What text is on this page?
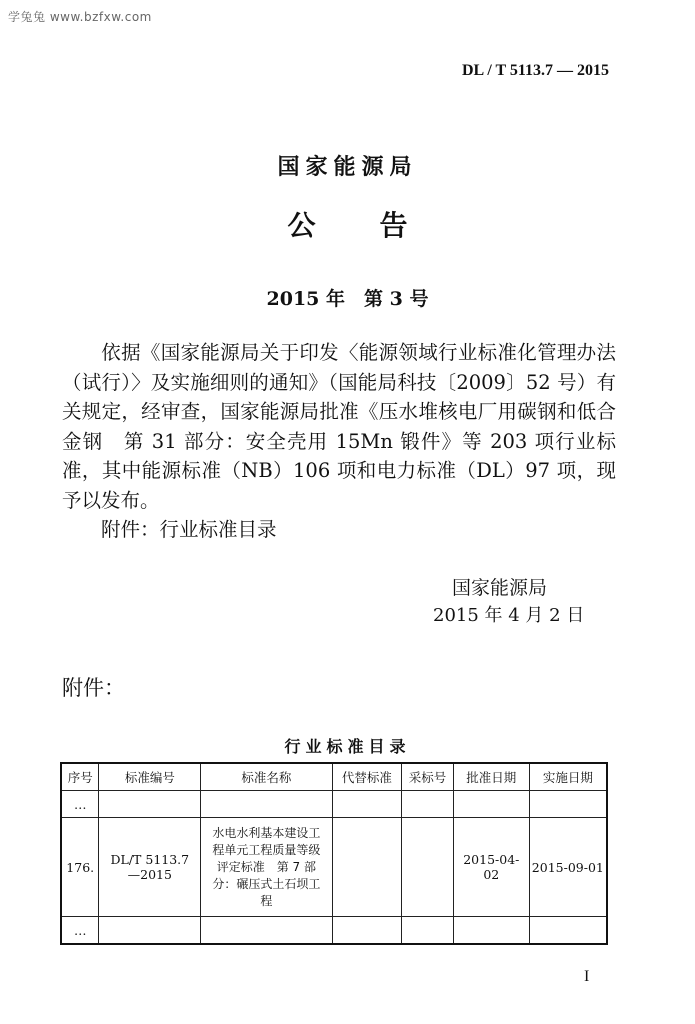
学兔兔 www.bzfxw.com
DL / T 5113.7 — 2015
国家能源局
公 告
2015 年　第 3 号
依据《国家能源局关于印发〈能源领域行业标准化管理办法（试行）〉及实施细则的通知》（国能局科技〔2009〕52 号）有关规定，经审查，国家能源局批准《压水堆核电厂用碳钢和低合金钢　第 31 部分：安全壳用 15Mn 锻件》等 203 项行业标准，其中能源标准（NB）106 项和电力标准（DL）97 项，现予以发布。
附件：行业标准目录
国家能源局
2015 年 4 月 2 日
附件：
行业标准目录
序号	标准编号	标准名称	代替标准	采标号	批准日期	实施日期
…						
176.	DL/T 5113.7—2015	水电水利基本建设工程单元工程质量等级评定标准　第 7 部分：碾压式土石坝工程			2015-04-02	2015-09-01
…						
I
